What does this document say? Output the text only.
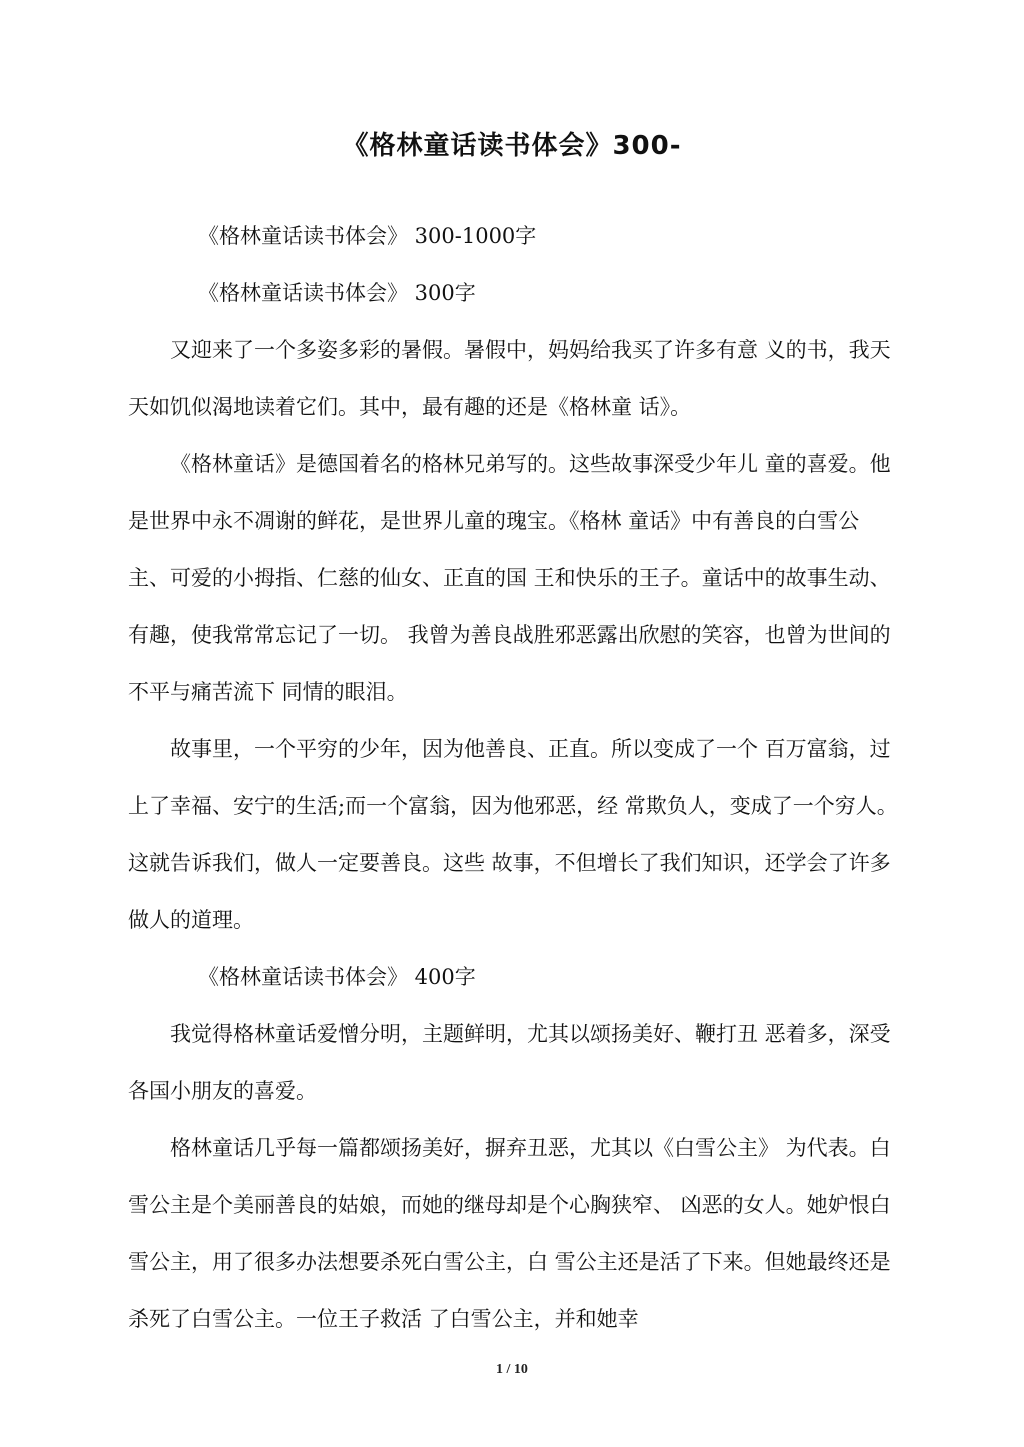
《格林童话读书体会》300-

《格林童话读书体会》 300-1000字

《格林童话读书体会》 300字

又迎来了一个多姿多彩的暑假。暑假中，妈妈给我买了许多有意 义的书，我天天如饥似渴地读着它们。其中，最有趣的还是《格林童 话》。

《格林童话》是德国着名的格林兄弟写的。这些故事深受少年儿 童的喜爱。他是世界中永不凋谢的鲜花，是世界儿童的瑰宝。《格林 童话》中有善良的白雪公主、可爱的小拇指、仁慈的仙女、正直的国 王和快乐的王子。童话中的故事生动、有趣，使我常常忘记了一切。 我曾为善良战胜邪恶露出欣慰的笑容，也曾为世间的不平与痛苦流下 同情的眼泪。

故事里，一个平穷的少年，因为他善良、正直。所以变成了一个 百万富翁，过上了幸福、安宁的生活;而一个富翁，因为他邪恶，经 常欺负人，变成了一个穷人。这就告诉我们，做人一定要善良。这些 故事，不但增长了我们知识，还学会了许多做人的道理。

《格林童话读书体会》 400字

我觉得格林童话爱憎分明，主题鲜明，尤其以颂扬美好、鞭打丑 恶着多，深受各国小朋友的喜爱。

格林童话几乎每一篇都颂扬美好，摒弃丑恶，尤其以《白雪公主》 为代表。白雪公主是个美丽善良的姑娘，而她的继母却是个心胸狭窄、 凶恶的女人。她妒恨白雪公主，用了很多办法想要杀死白雪公主，白 雪公主还是活了下来。但她最终还是杀死了白雪公主。一位王子救活 了白雪公主，并和她幸

1 / 10
